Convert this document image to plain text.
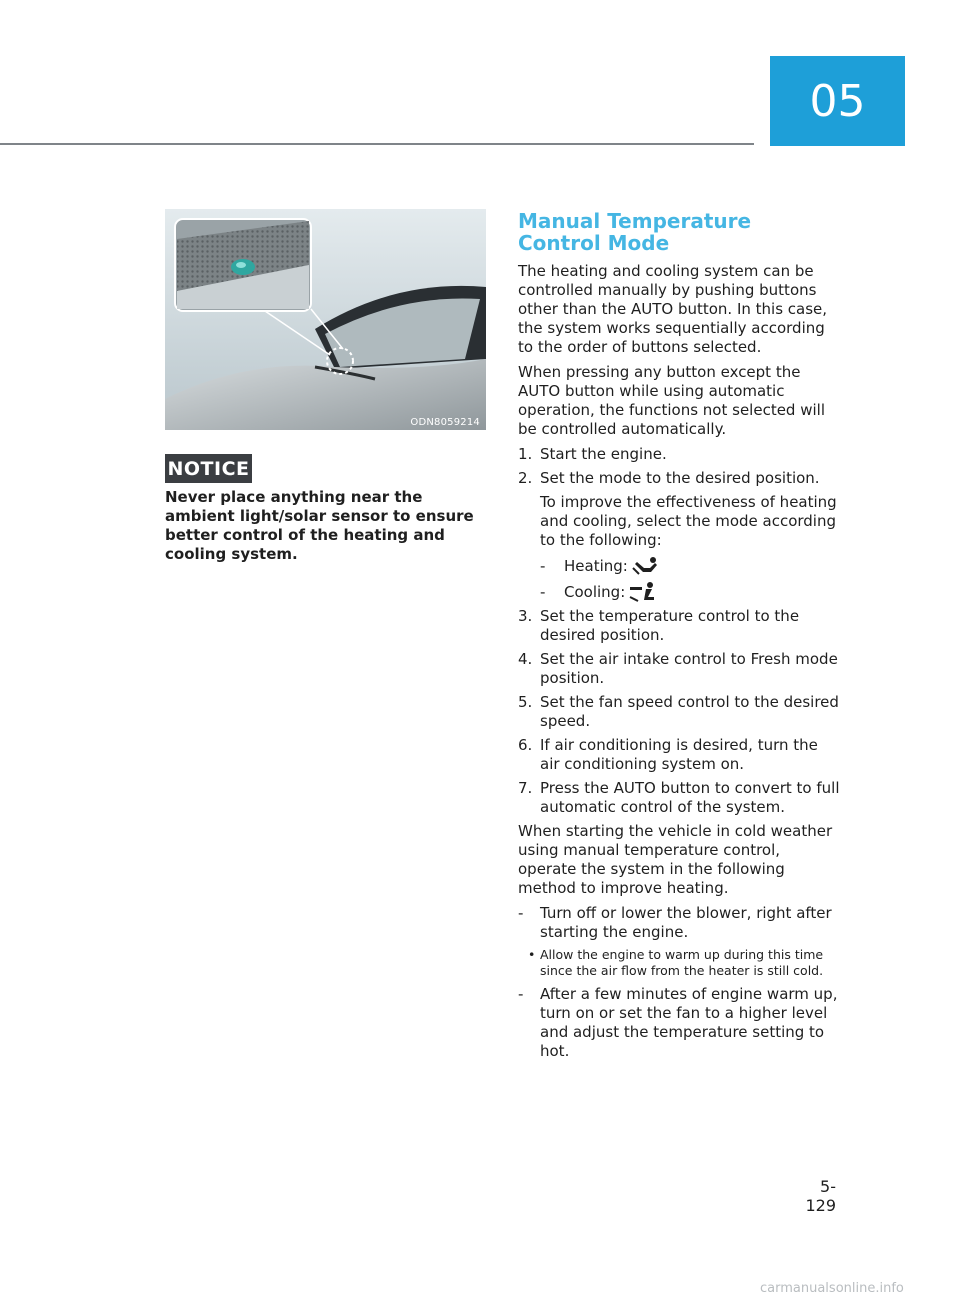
05
ODN8059214
NOTICE

Never place anything near the ambient light/solar sensor to ensure better control of the heating and cooling system.

Manual Temperature Control Mode

The heating and cooling system can be controlled manually by pushing buttons other than the AUTO button. In this case, the system works sequentially according to the order of buttons selected.

When pressing any button except the AUTO button while using automatic operation, the functions not selected will be controlled automatically.

1. Start the engine.
2. Set the mode to the desired position.

To improve the effectiveness of heating and cooling, select the mode according to the following:

-	Heating:
-	Cooling:
3. Set the temperature control to the desired position.
4. Set the air intake control to Fresh mode position.
5. Set the fan speed control to the desired speed.
6. If air conditioning is desired, turn the air conditioning system on.
7. Press the AUTO button to convert to full automatic control of the system.

When starting the vehicle in cold weather using manual temperature control, operate the system in the following method to improve heating.

-	Turn off or lower the blower, right after starting the engine.
• Allow the engine to warm up during this time since the air flow from the heater is still cold.
-	After a few minutes of engine warm up, turn on or set the fan to a higher level and adjust the temperature setting to hot.
5-129
carmanualsonline.info
